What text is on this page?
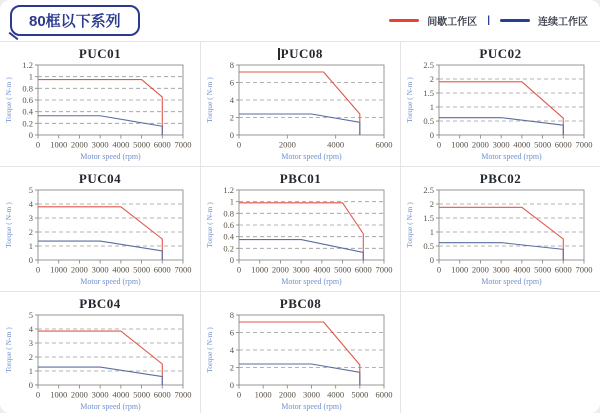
80框以下系列	间歇工作区 |	连续工作区
PUC01
0
0.2
0.4
0.6
0.8
1
1.2
0 1000 2000 3000 4000 5000 6000 7000
Motor speed (rpm)
Torque ( N-m )
PUC08
0
2
4
6
8
0	2000	4000	6000
Motor speed (rpm)
Torque ( N-m )
PUC02
0
0.5
1
1.5
2
2.5
0 1000 2000 3000 4000 5000 6000 7000
Motor speed (rpm)
Torque ( N-m )
PUC04
0
1
2
3
4
5
0 1000 2000 3000 4000 5000 6000 7000
Motor speed (rpm)
Torque ( N-m )
PBC01
0
0.2
0.4
0.6
0.8
1
1.2
0 1000 2000 3000 4000 5000 6000 7000
Motor speed (rpm)
Torque ( N-m )
PBC02
0
0.5
1
1.5
2
2.5
0 1000 2000 3000 4000 5000 6000 7000
Motor speed (rpm)
Torque ( N-m )
PBC04
0
1
2
3
4
5
0 1000 2000 3000 4000 5000 6000 7000
Motor speed (rpm)
Torque ( N-m )
PBC08
0
2
4
6
8
0 1000 2000 3000 4000 5000 6000
Motor speed (rpm)
Torque ( N-m )
